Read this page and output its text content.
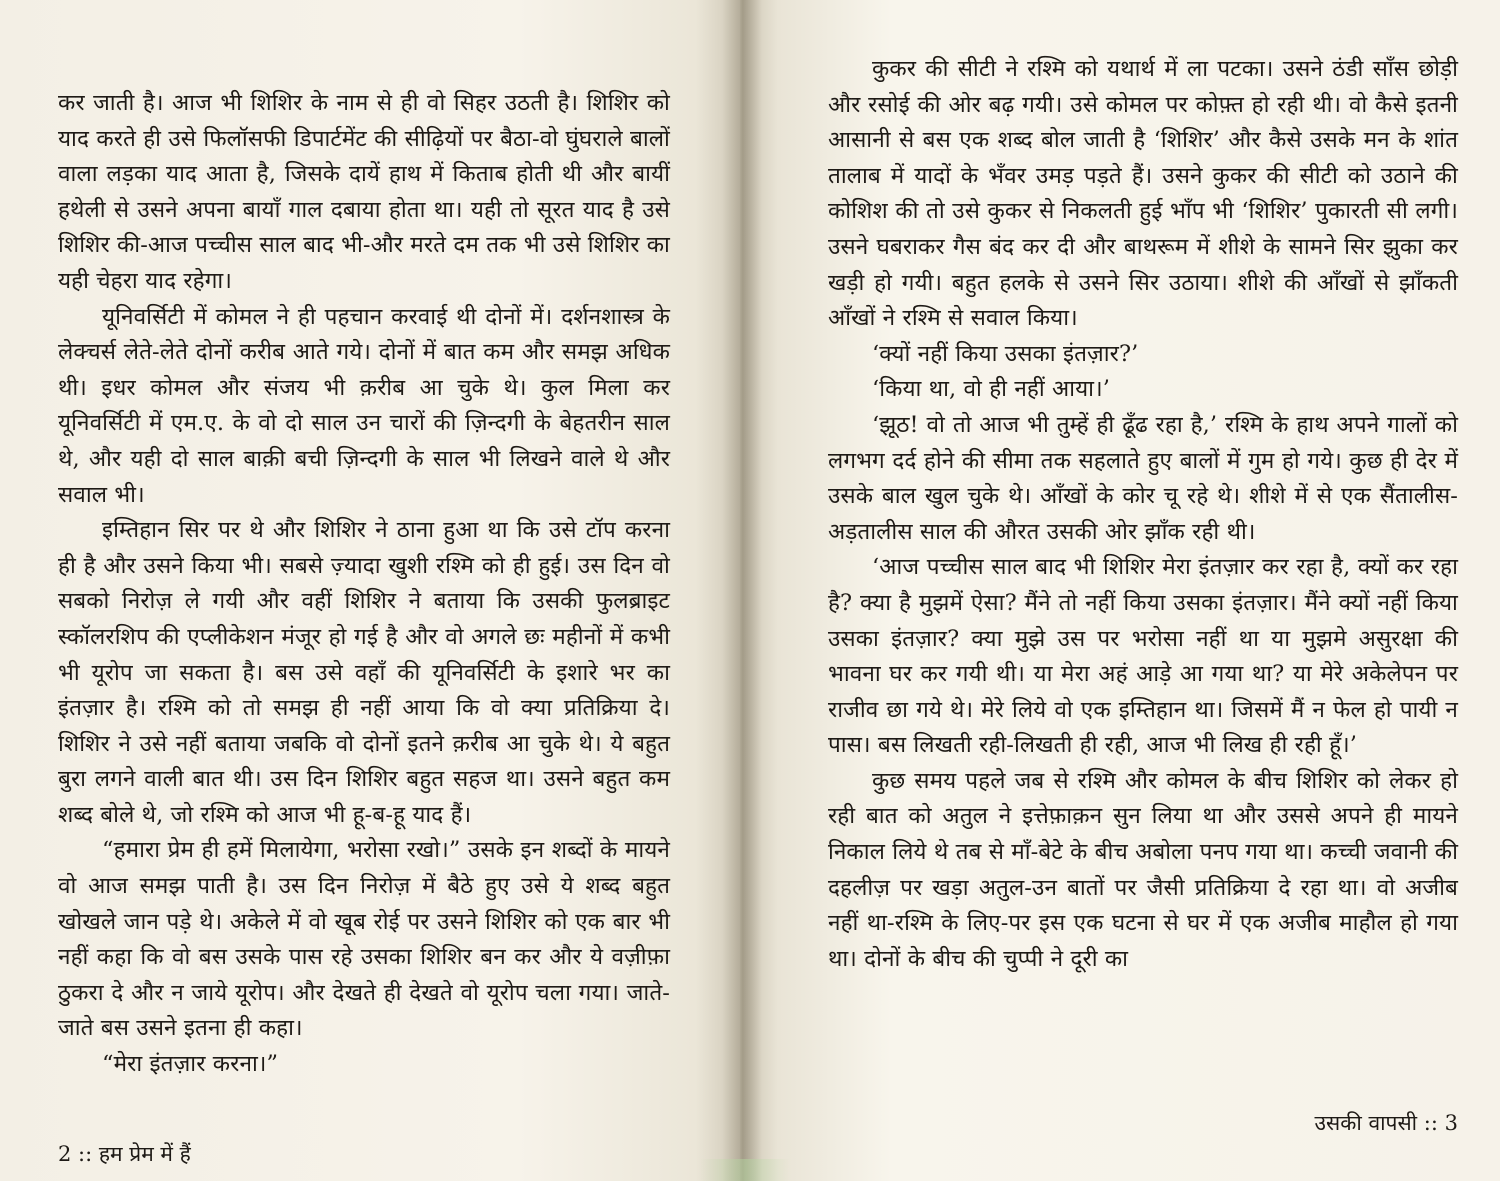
कर जाती है। आज भी शिशिर के नाम से ही वो सिहर उठती है। शिशिर को याद करते ही उसे फिलॉसफी डिपार्टमेंट की सीढ़ियों पर बैठा-वो घुंघराले बालों वाला लड़का याद आता है, जिसके दायें हाथ में किताब होती थी और बायीं हथेली से उसने अपना बायाँ गाल दबाया होता था। यही तो सूरत याद है उसे शिशिर की-आज पच्चीस साल बाद भी-और मरते दम तक भी उसे शिशिर का यही चेहरा याद रहेगा।

यूनिवर्सिटी में कोमल ने ही पहचान करवाई थी दोनों में। दर्शनशास्त्र के लेक्चर्स लेते-लेते दोनों करीब आते गये। दोनों में बात कम और समझ अधिक थी। इधर कोमल और संजय भी क़रीब आ चुके थे। कुल मिला कर यूनिवर्सिटी में एम.ए. के वो दो साल उन चारों की ज़िन्दगी के बेहतरीन साल थे, और यही दो साल बाक़ी बची ज़िन्दगी के साल भी लिखने वाले थे और सवाल भी।

इम्तिहान सिर पर थे और शिशिर ने ठाना हुआ था कि उसे टॉप करना ही है और उसने किया भी। सबसे ज़्यादा खुशी रश्मि को ही हुई। उस दिन वो सबको निरोज़ ले गयी और वहीं शिशिर ने बताया कि उसकी फुलब्राइट स्कॉलरशिप की एप्लीकेशन मंजूर हो गई है और वो अगले छः महीनों में कभी भी यूरोप जा सकता है। बस उसे वहाँ की यूनिवर्सिटी के इशारे भर का इंतज़ार है। रश्मि को तो समझ ही नहीं आया कि वो क्या प्रतिक्रिया दे। शिशिर ने उसे नहीं बताया जबकि वो दोनों इतने क़रीब आ चुके थे। ये बहुत बुरा लगने वाली बात थी। उस दिन शिशिर बहुत सहज था। उसने बहुत कम शब्द बोले थे, जो रश्मि को आज भी हू-ब-हू याद हैं।

“हमारा प्रेम ही हमें मिलायेगा, भरोसा रखो।” उसके इन शब्दों के मायने वो आज समझ पाती है। उस दिन निरोज़ में बैठे हुए उसे ये शब्द बहुत खोखले जान पड़े थे। अकेले में वो खूब रोई पर उसने शिशिर को एक बार भी नहीं कहा कि वो बस उसके पास रहे उसका शिशिर बन कर और ये वज़ीफ़ा ठुकरा दे और न जाये यूरोप। और देखते ही देखते वो यूरोप चला गया। जाते-जाते बस उसने इतना ही कहा।

“मेरा इंतज़ार करना।”

2 :: हम प्रेम में हैं

कुकर की सीटी ने रश्मि को यथार्थ में ला पटका। उसने ठंडी साँस छोड़ी और रसोई की ओर बढ़ गयी। उसे कोमल पर कोफ़्त हो रही थी। वो कैसे इतनी आसानी से बस एक शब्द बोल जाती है ‘शिशिर’ और कैसे उसके मन के शांत तालाब में यादों के भँवर उमड़ पड़ते हैं। उसने कुकर की सीटी को उठाने की कोशिश की तो उसे कुकर से निकलती हुई भाँप भी ‘शिशिर’ पुकारती सी लगी। उसने घबराकर गैस बंद कर दी और बाथरूम में शीशे के सामने सिर झुका कर खड़ी हो गयी। बहुत हलके से उसने सिर उठाया। शीशे की आँखों से झाँकती आँखों ने रश्मि से सवाल किया।

‘क्यों नहीं किया उसका इंतज़ार?’

‘किया था, वो ही नहीं आया।’

‘झूठ! वो तो आज भी तुम्हें ही ढूँढ रहा है,’ रश्मि के हाथ अपने गालों को लगभग दर्द होने की सीमा तक सहलाते हुए बालों में गुम हो गये। कुछ ही देर में उसके बाल खुल चुके थे। आँखों के कोर चू रहे थे। शीशे में से एक सैंतालीस-अड़तालीस साल की औरत उसकी ओर झाँक रही थी।

‘आज पच्चीस साल बाद भी शिशिर मेरा इंतज़ार कर रहा है, क्यों कर रहा है? क्या है मुझमें ऐसा? मैंने तो नहीं किया उसका इंतज़ार। मैंने क्यों नहीं किया उसका इंतज़ार? क्या मुझे उस पर भरोसा नहीं था या मुझमे असुरक्षा की भावना घर कर गयी थी। या मेरा अहं आड़े आ गया था? या मेरे अकेलेपन पर राजीव छा गये थे। मेरे लिये वो एक इम्तिहान था। जिसमें मैं न फेल हो पायी न पास। बस लिखती रही-लिखती ही रही, आज भी लिख ही रही हूँ।’

कुछ समय पहले जब से रश्मि और कोमल के बीच शिशिर को लेकर हो रही बात को अतुल ने इत्तेफ़ाक़न सुन लिया था और उससे अपने ही मायने निकाल लिये थे तब से माँ-बेटे के बीच अबोला पनप गया था। कच्ची जवानी की दहलीज़ पर खड़ा अतुल-उन बातों पर जैसी प्रतिक्रिया दे रहा था। वो अजीब नहीं था-रश्मि के लिए-पर इस एक घटना से घर में एक अजीब माहौल हो गया था। दोनों के बीच की चुप्पी ने दूरी का

उसकी वापसी :: 3
